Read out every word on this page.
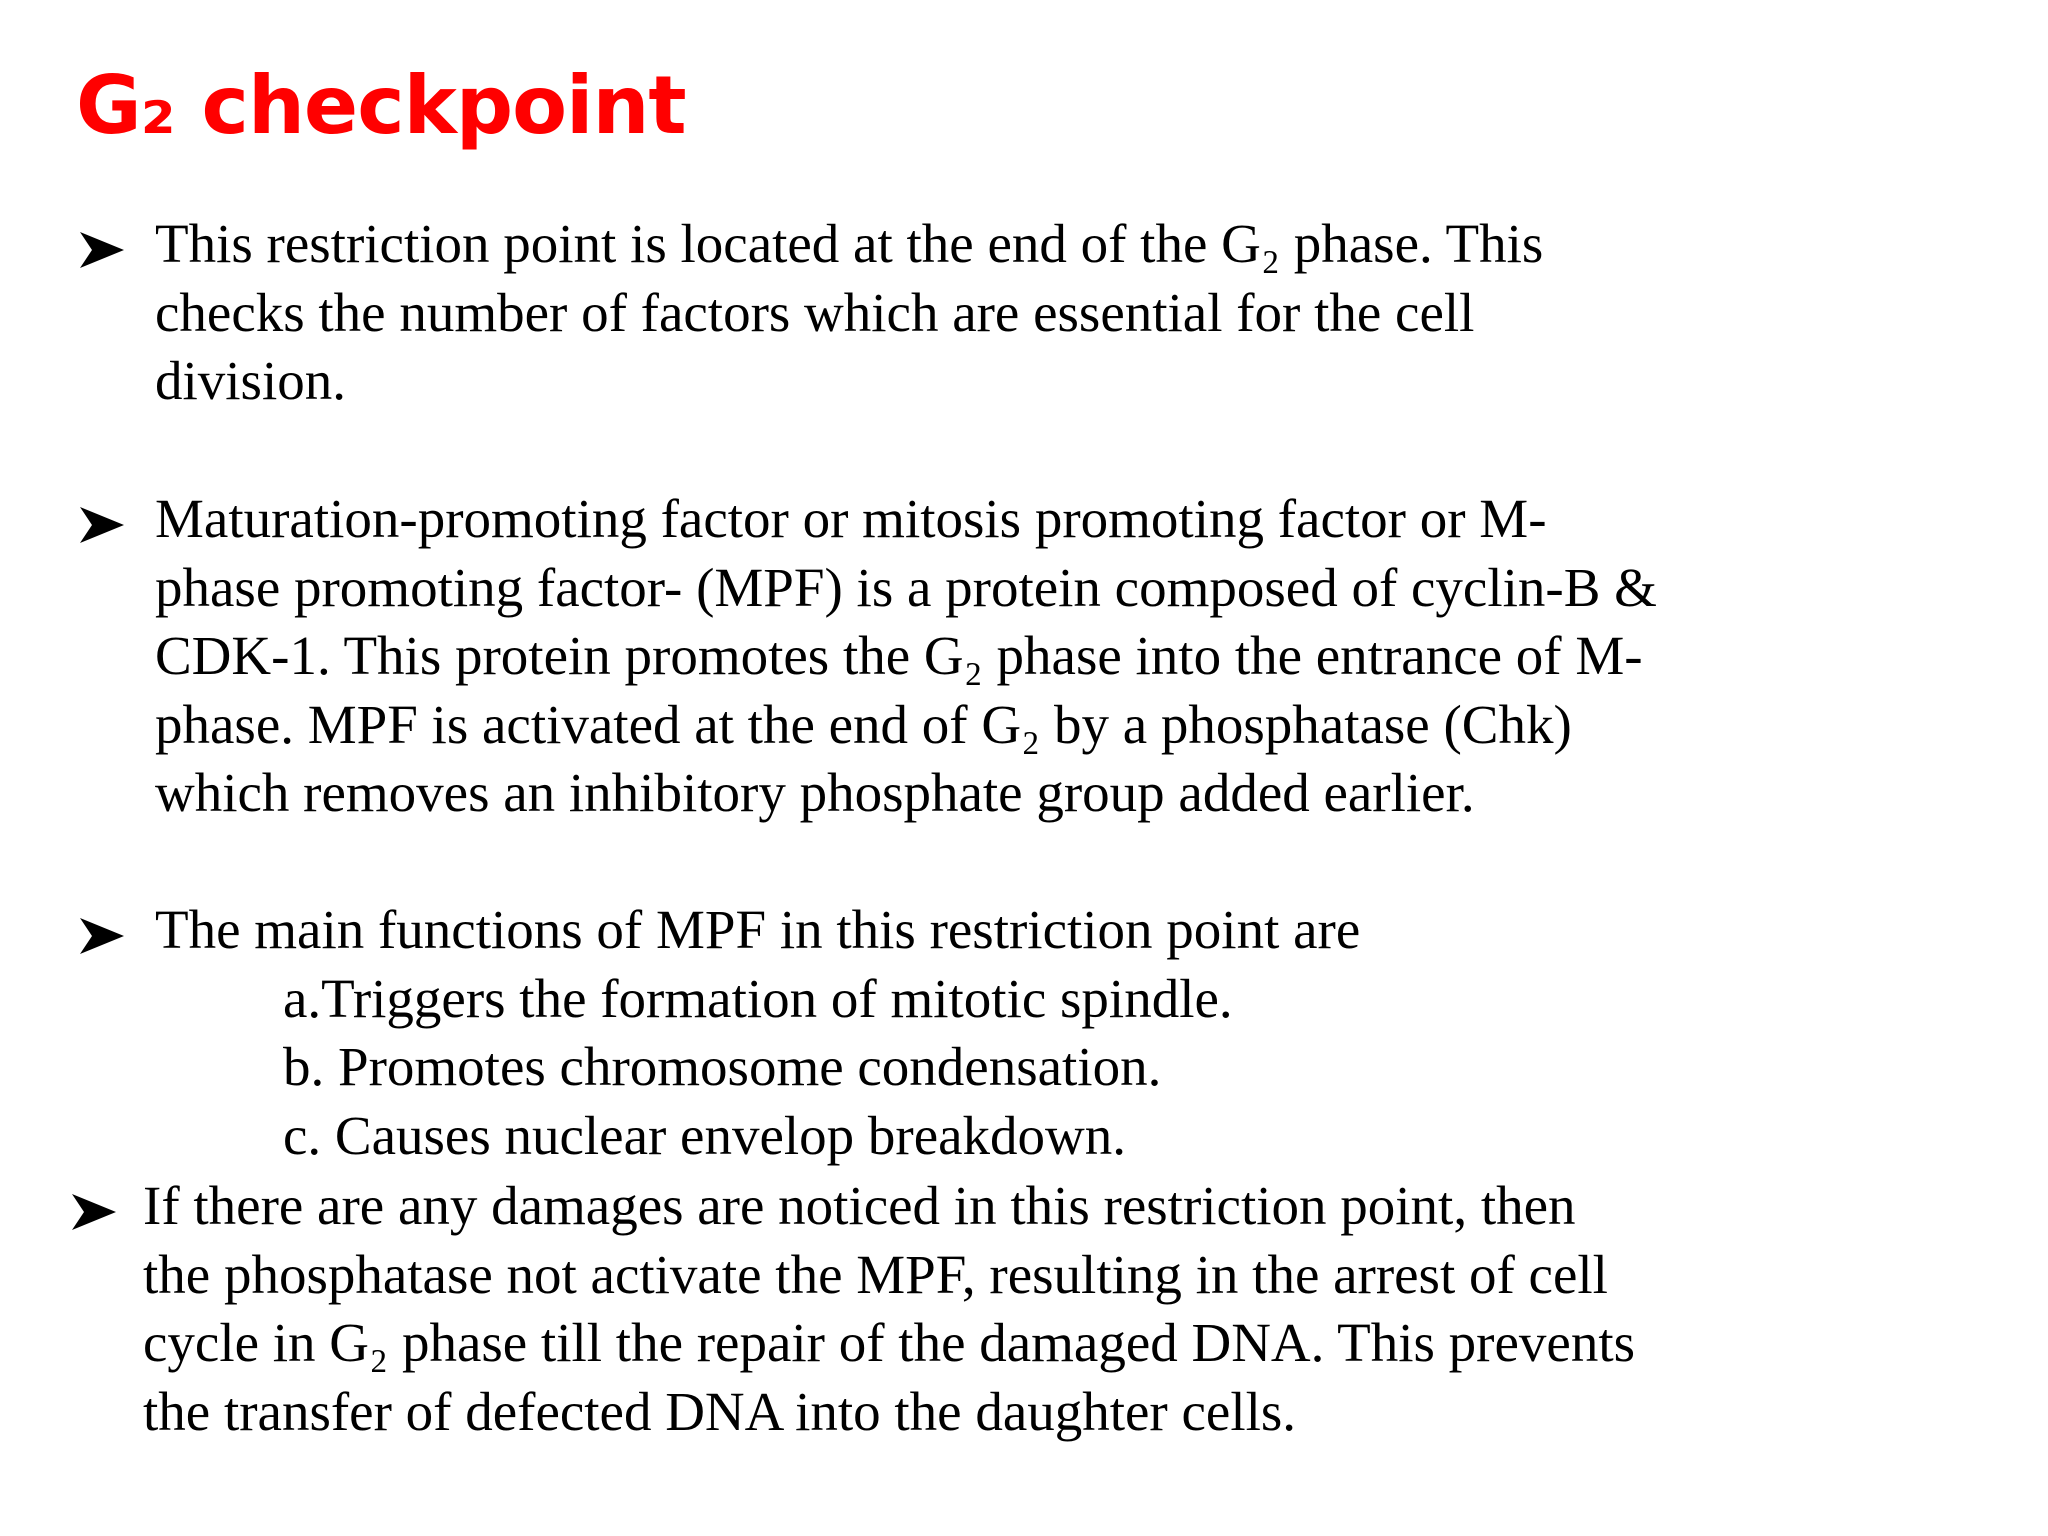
G₂ checkpoint
This restriction point is located at the end of the G₂ phase. This
checks the number of factors which are essential for the cell
division.
Maturation-promoting factor or mitosis promoting factor or M-
phase promoting factor- (MPF) is a protein composed of cyclin-B &
CDK-1. This protein promotes the G₂ phase into the entrance of M-
phase. MPF is activated at the end of G₂ by a phosphatase (Chk)
which removes an inhibitory phosphate group added earlier.
The main functions of MPF in this restriction point are
a.Triggers the formation of mitotic spindle.
b. Promotes chromosome condensation.
c. Causes nuclear envelop breakdown.
If there are any damages are noticed in this restriction point, then
the phosphatase not activate the MPF, resulting in the arrest of cell
cycle in G₂ phase till the repair of the damaged DNA. This prevents
the transfer of defected DNA into the daughter cells.
